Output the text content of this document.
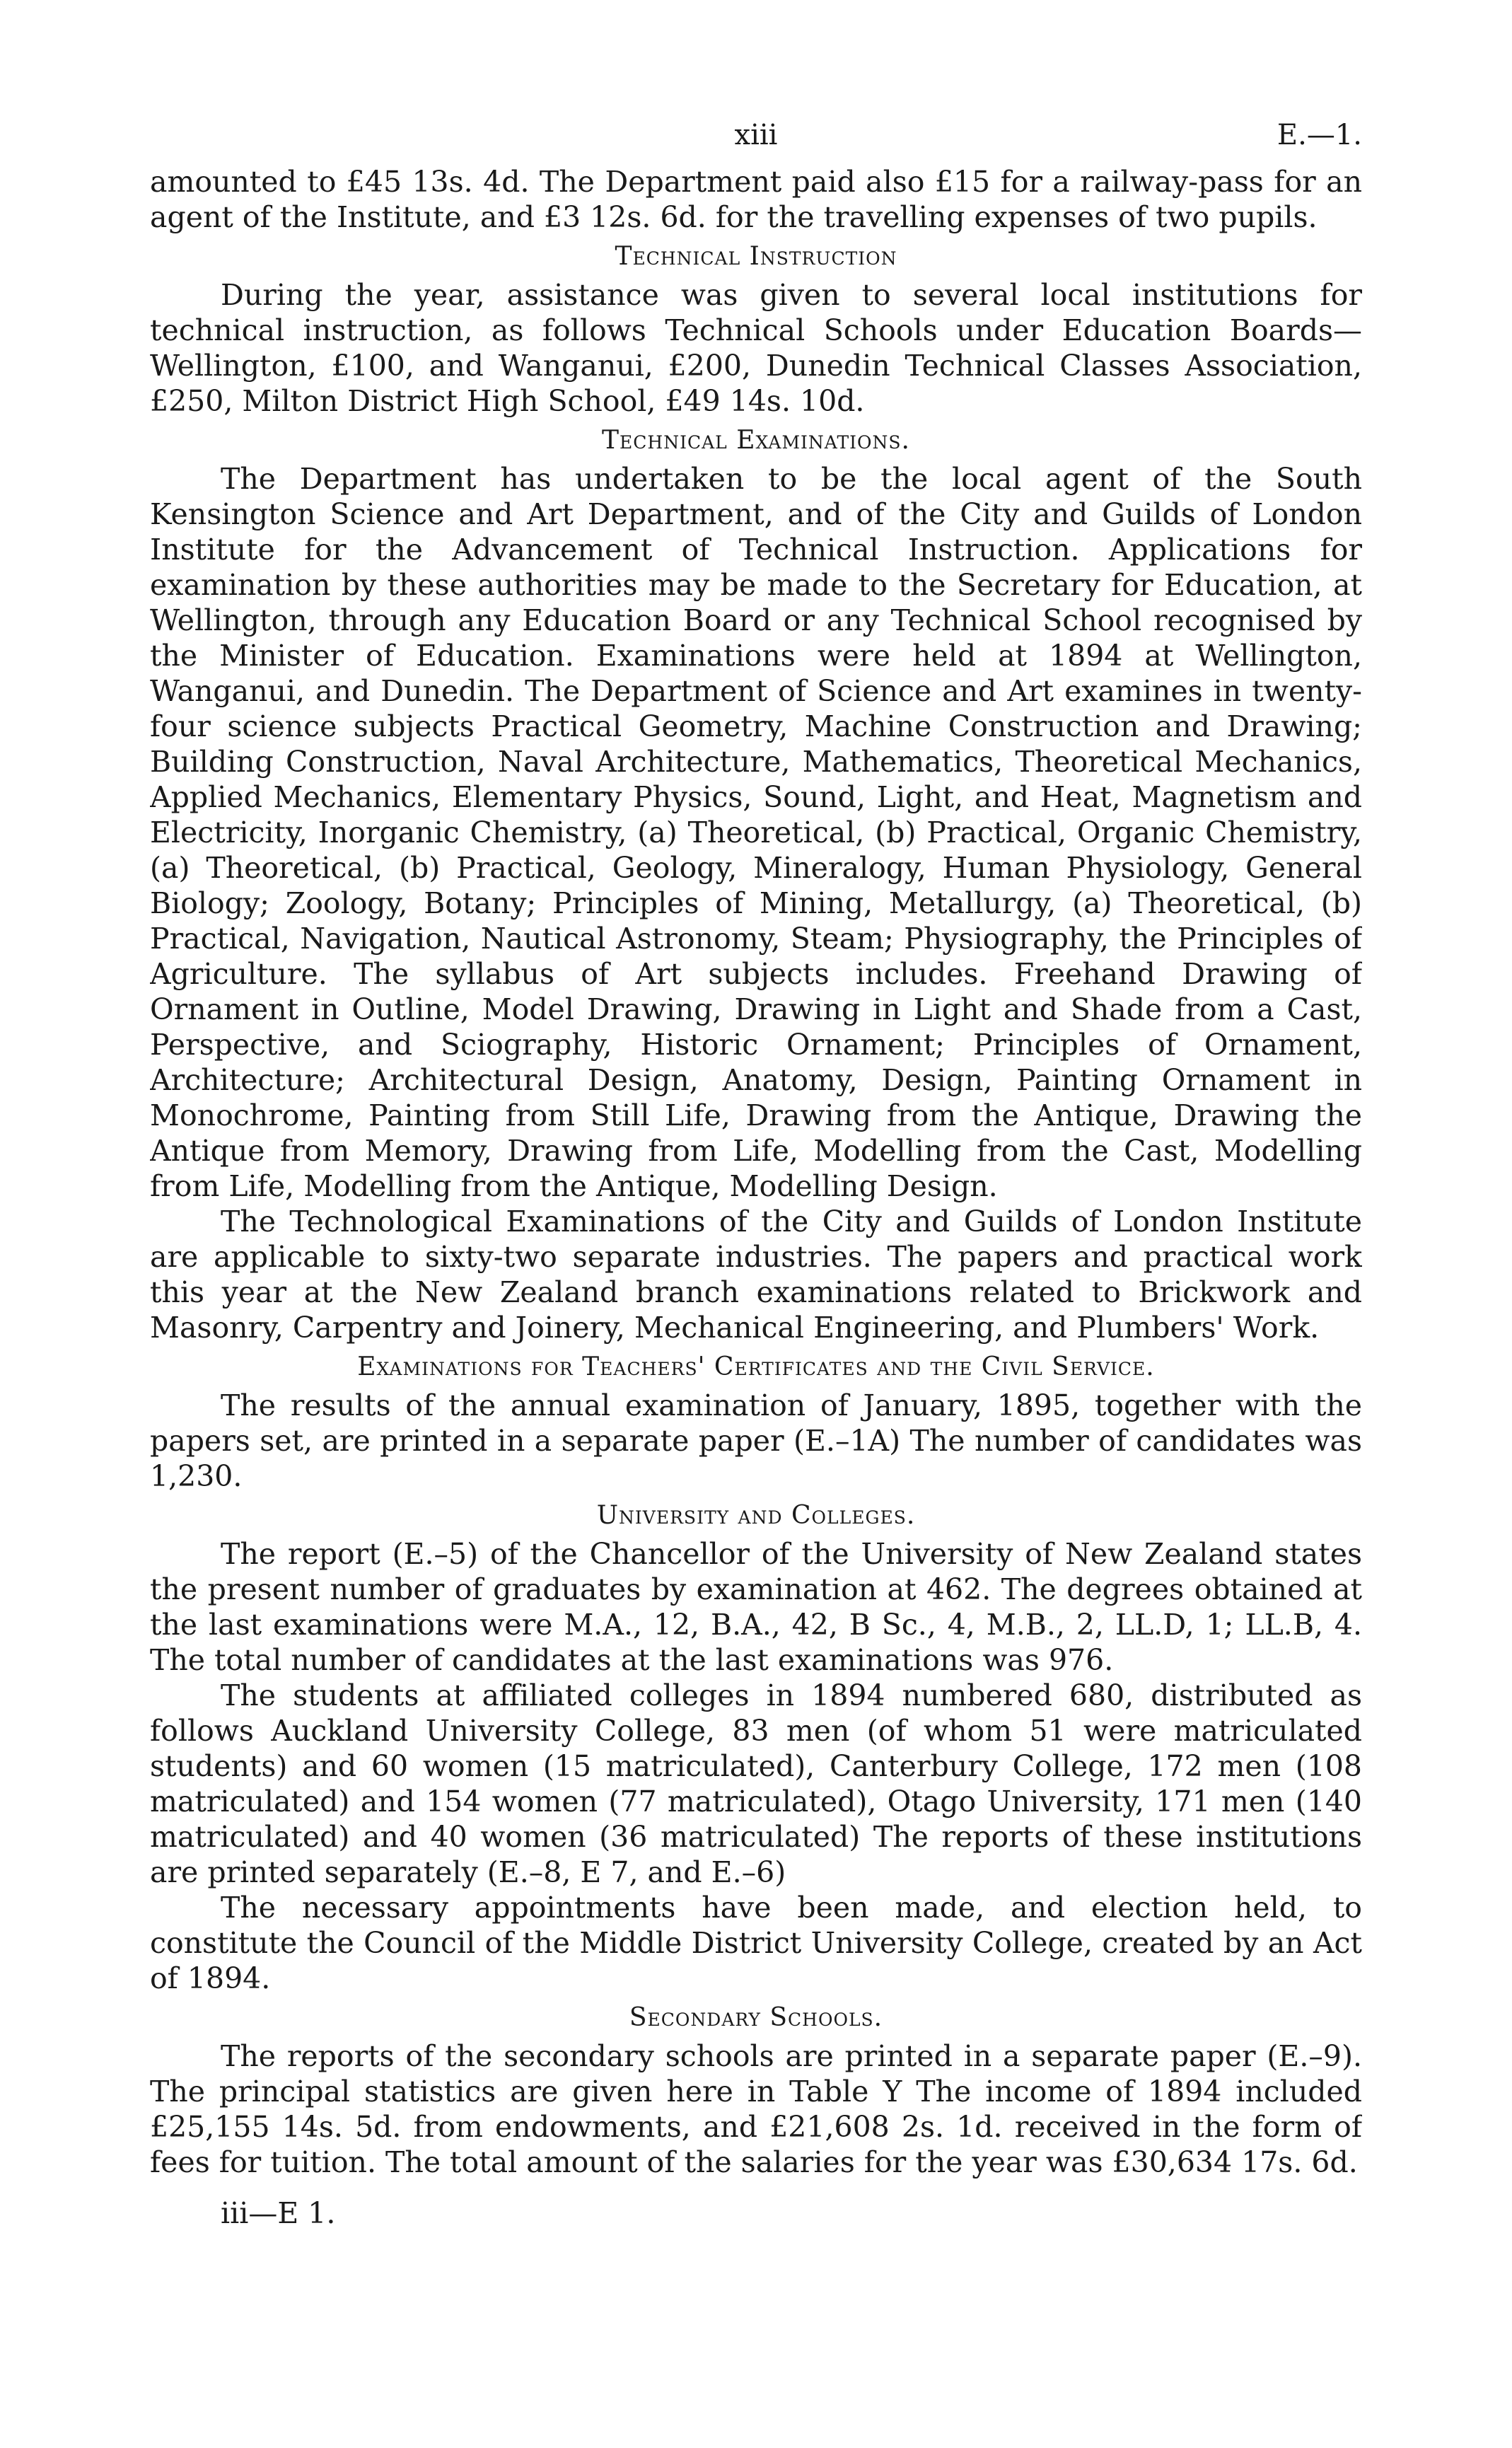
xiii	E.—1.

amounted to £45 13s. 4d. The Department paid also £15 for a railway-pass for an agent of the Institute, and £3 12s. 6d. for the travelling expenses of two pupils.

Technical Instruction

During the year, assistance was given to several local institutions for technical instruction, as follows Technical Schools under Education Boards—Wellington, £100, and Wanganui, £200, Dunedin Technical Classes Association, £250, Milton District High School, £49 14s. 10d.

Technical Examinations.

The Department has undertaken to be the local agent of the South Kensington Science and Art Department, and of the City and Guilds of London Institute for the Advancement of Technical Instruction. Applications for examination by these authorities may be made to the Secretary for Education, at Wellington, through any Education Board or any Technical School recognised by the Minister of Education. Examinations were held at 1894 at Wellington, Wanganui, and Dunedin. The Department of Science and Art examines in twenty-four science subjects Practical Geometry, Machine Construction and Drawing; Building Construction, Naval Architecture, Mathematics, Theoretical Mechanics, Applied Mechanics, Elementary Physics, Sound, Light, and Heat, Magnetism and Electricity, Inorganic Chemistry, (a) Theoretical, (b) Practical, Organic Chemistry, (a) Theoretical, (b) Practical, Geology, Mineralogy, Human Physiology, General Biology; Zoology, Botany; Principles of Mining, Metallurgy, (a) Theoretical, (b) Practical, Navigation, Nautical Astronomy, Steam; Physiography, the Principles of Agriculture. The syllabus of Art subjects includes. Freehand Drawing of Ornament in Outline, Model Drawing, Drawing in Light and Shade from a Cast, Perspective, and Sciography, Historic Ornament; Principles of Ornament, Architecture; Architectural Design, Anatomy, Design, Painting Ornament in Monochrome, Painting from Still Life, Drawing from the Antique, Drawing the Antique from Memory, Drawing from Life, Modelling from the Cast, Modelling from Life, Modelling from the Antique, Modelling Design.

The Technological Examinations of the City and Guilds of London Institute are applicable to sixty-two separate industries. The papers and practical work this year at the New Zealand branch examinations related to Brickwork and Masonry, Carpentry and Joinery, Mechanical Engineering, and Plumbers' Work.

Examinations for Teachers' Certificates and the Civil Service.

The results of the annual examination of January, 1895, together with the papers set, are printed in a separate paper (E.–1A) The number of candidates was 1,230.

University and Colleges.

The report (E.–5) of the Chancellor of the University of New Zealand states the present number of graduates by examination at 462. The degrees obtained at the last examinations were M.A., 12, B.A., 42, B Sc., 4, M.B., 2, LL.D, 1; LL.B, 4. The total number of candidates at the last examinations was 976.

The students at affiliated colleges in 1894 numbered 680, distributed as follows Auckland University College, 83 men (of whom 51 were matriculated students) and 60 women (15 matriculated), Canterbury College, 172 men (108 matriculated) and 154 women (77 matriculated), Otago University, 171 men (140 matriculated) and 40 women (36 matriculated) The reports of these institutions are printed separately (E.–8, E 7, and E.–6)

The necessary appointments have been made, and election held, to constitute the Council of the Middle District University College, created by an Act of 1894.

Secondary Schools.

The reports of the secondary schools are printed in a separate paper (E.–9). The principal statistics are given here in Table Y The income of 1894 included £25,155 14s. 5d. from endowments, and £21,608 2s. 1d. received in the form of fees for tuition. The total amount of the salaries for the year was £30,634 17s. 6d.

iii—E 1.
